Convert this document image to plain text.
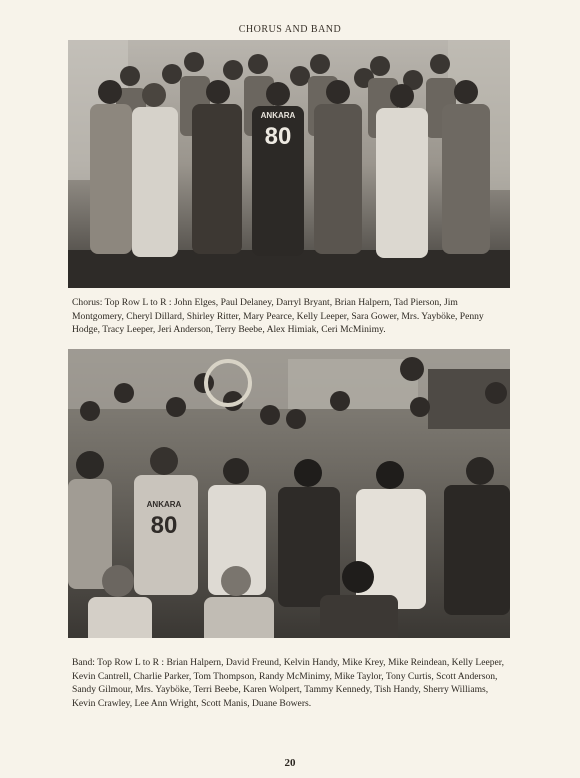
CHORUS AND BAND
ANKARA
80
Chorus: Top Row L to R : John Elges, Paul Delaney, Darryl Bryant, Brian Halpern, Tad Pierson, Jim Montgomery, Cheryl Dillard, Shirley Ritter, Mary Pearce, Kelly Leeper, Sara Gower, Mrs. Yayböke, Penny Hodge, Tracy Leeper, Jeri Anderson, Terry Beebe, Alex Himiak, Ceri McMinimy.
ANKARA
80
Band: Top Row L to R : Brian Halpern, David Freund, Kelvin Handy, Mike Krey, Mike Reindean, Kelly Leeper, Kevin Cantrell, Charlie Parker, Tom Thompson, Randy McMinimy, Mike Taylor, Tony Curtis, Scott Anderson, Sandy Gilmour, Mrs. Yayböke, Terri Beebe, Karen Wolpert, Tammy Kennedy, Tish Handy, Sherry Williams, Kevin Crawley, Lee Ann Wright, Scott Manis, Duane Bowers.
20
